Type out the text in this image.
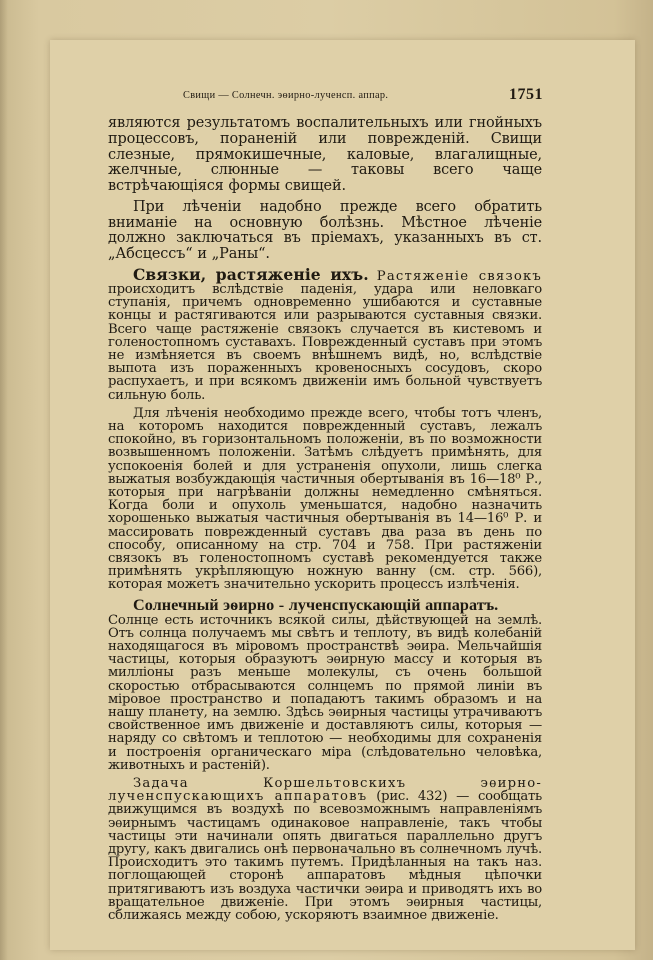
Свищи — Солнечн. эѳирно-лученсп. аппар.	1751

являются результатомъ воспалительныхъ или гнойныхъ процессовъ, пораненій или поврежденій. Свищи слезные, прямокишечные, каловые, влагалищные, желчные, слюнные — таковы всего чаще встрѣчающіяся формы свищей.

При лѣченіи надобно прежде всего обратить вниманіе на основную болѣзнь. Мѣстное лѣченіе должно заключаться въ пріемахъ, указанныхъ въ ст. „Абсцессъ“ и „Раны“.

Связки, растяженіе ихъ. Растяженіе связокъ происходитъ вслѣдствіе паденія, удара или неловкаго ступанія, причемъ одновременно ушибаются и суставные концы и растягиваются или разрываются суставныя связки. Всего чаще растяженіе связокъ случается въ кистевомъ и голеностопномъ суставахъ. Поврежденный суставъ при этомъ не измѣняется въ своемъ внѣшнемъ видѣ, но, вслѣдствіе выпота изъ пораженныхъ кровеносныхъ сосудовъ, скоро распухаетъ, и при всякомъ движеніи имъ больной чувствуетъ сильную боль.

Для лѣченія необходимо прежде всего, чтобы тотъ членъ, на которомъ находится поврежденный суставъ, лежалъ спокойно, въ горизонтальномъ положеніи, въ по возможности возвышенномъ положеніи. Затѣмъ слѣдуетъ примѣнять, для успокоенія болей и для устраненія опухоли, лишь слегка выжатыя возбуждающія частичныя обертыванія въ 16—18⁰ Р., которыя при нагрѣваніи должны немедленно смѣняться. Когда боли и опухоль уменьшатся, надобно назначить хорошенько выжатыя частичныя обертыванія въ 14—16⁰ Р. и массировать поврежденный суставъ два раза въ день по способу, описанному на стр. 704 и 758. При растяженіи связокъ въ голеностопномъ суставѣ рекомендуется также примѣнять укрѣпляющую ножную ванну (см. стр. 566), которая можетъ значительно ускорить процессъ излѣченія.

Солнечный эѳирно - лученспускающій аппаратъ.

Солнце есть источникъ всякой силы, дѣйствующей на землѣ. Отъ солнца получаемъ мы свѣтъ и теплоту, въ видѣ колебаній находящагося въ міровомъ пространствѣ эѳира. Мельчайшія частицы, которыя образуютъ эѳирную массу и которыя въ милліоны разъ меньше молекулы, съ очень большой скоростью отбрасываются солнцемъ по прямой линіи въ міровое пространство и попадаютъ такимъ образомъ и на нашу планету, на землю. Здѣсь эѳирныя частицы утрачиваютъ свойственное имъ движеніе и доставляютъ силы, которыя — наряду со свѣтомъ и теплотою — необходимы для сохраненія и построенія органическаго міра (слѣдовательно человѣка, животныхъ и растеній).

Задача Коршельтовскихъ эѳирно-лученспускающихъ аппаратовъ (рис. 432) — сообщать движущимся въ воздухѣ по всевозможнымъ направленіямъ эѳирнымъ частицамъ одинаковое направленіе, такъ чтобы частицы эти начинали опять двигаться параллельно другъ другу, какъ двигались онѣ первоначально въ солнечномъ лучѣ. Происходитъ это такимъ путемъ. Придѣланныя на такъ наз. поглощающей сторонѣ аппаратовъ мѣдныя цѣпочки притягиваютъ изъ воздуха частички эѳира и приводятъ ихъ во вращательное движеніе. При этомъ эѳирныя частицы, сближаясь между собою, ускоряютъ взаимное движеніе.
